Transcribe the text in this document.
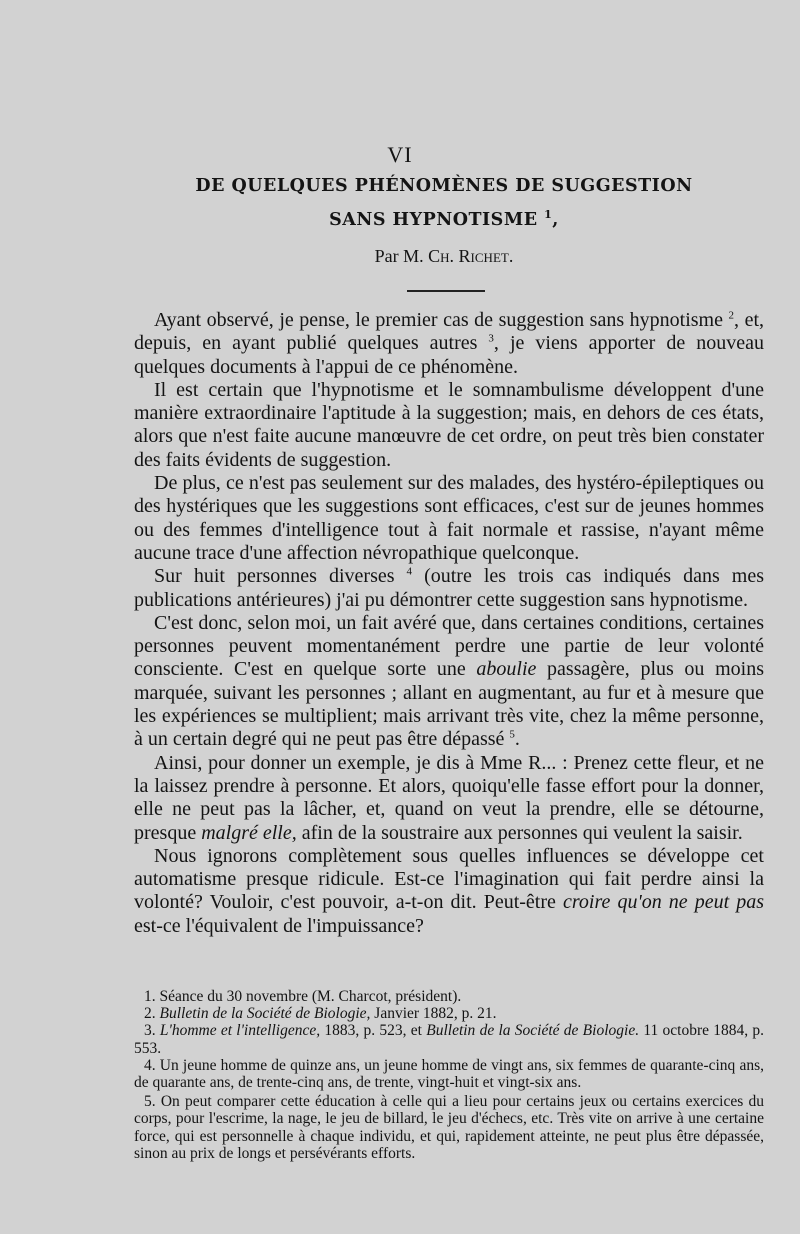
VI
DE QUELQUES PHÉNOMÈNES DE SUGGESTION
SANS HYPNOTISME $^1$,
Par M. Ch. Richet.

Ayant observé, je pense, le premier cas de suggestion sans hypnotisme $^2$, et, depuis, en ayant publié quelques autres $^3$, je viens apporter de nouveau quelques documents à l'appui de ce phénomène.

Il est certain que l'hypnotisme et le somnambulisme développent d'une manière extraordinaire l'aptitude à la suggestion; mais, en dehors de ces états, alors que n'est faite aucune manœuvre de cet ordre, on peut très bien constater des faits évidents de suggestion.

De plus, ce n'est pas seulement sur des malades, des hystéro-épileptiques ou des hystériques que les suggestions sont efficaces, c'est sur de jeunes hommes ou des femmes d'intelligence tout à fait normale et rassise, n'ayant même aucune trace d'une affection névropathique quelconque.

Sur huit personnes diverses $^4$ (outre les trois cas indiqués dans mes publications antérieures) j'ai pu démontrer cette suggestion sans hypnotisme.

C'est donc, selon moi, un fait avéré que, dans certaines conditions, certaines personnes peuvent momentanément perdre une partie de leur volonté consciente. C'est en quelque sorte une aboulie passagère, plus ou moins marquée, suivant les personnes ; allant en augmentant, au fur et à mesure que les expériences se multiplient; mais arrivant très vite, chez la même personne, à un certain degré qui ne peut pas être dépassé $^5$.

Ainsi, pour donner un exemple, je dis à Mme R... : Prenez cette fleur, et ne la laissez prendre à personne. Et alors, quoiqu'elle fasse effort pour la donner, elle ne peut pas la lâcher, et, quand on veut la prendre, elle se détourne, presque malgré elle, afin de la soustraire aux personnes qui veulent la saisir.

Nous ignorons complètement sous quelles influences se développe cet automatisme presque ridicule. Est-ce l'imagination qui fait perdre ainsi la volonté? Vouloir, c'est pouvoir, a-t-on dit. Peut-être croire qu'on ne peut pas est-ce l'équivalent de l'impuissance?

1. Séance du 30 novembre (M. Charcot, président).

2. Bulletin de la Société de Biologie, Janvier 1882, p. 21.

3. L'homme et l'intelligence, 1883, p. 523, et Bulletin de la Société de Biologie. 11 octobre 1884, p. 553.

4. Un jeune homme de quinze ans, un jeune homme de vingt ans, six femmes de quarante-cinq ans, de quarante ans, de trente-cinq ans, de trente, vingt-huit et vingt-six ans.

5. On peut comparer cette éducation à celle qui a lieu pour certains jeux ou certains exercices du corps, pour l'escrime, la nage, le jeu de billard, le jeu d'échecs, etc. Très vite on arrive à une certaine force, qui est personnelle à chaque individu, et qui, rapidement atteinte, ne peut plus être dépassée, sinon au prix de longs et persévérants efforts.
